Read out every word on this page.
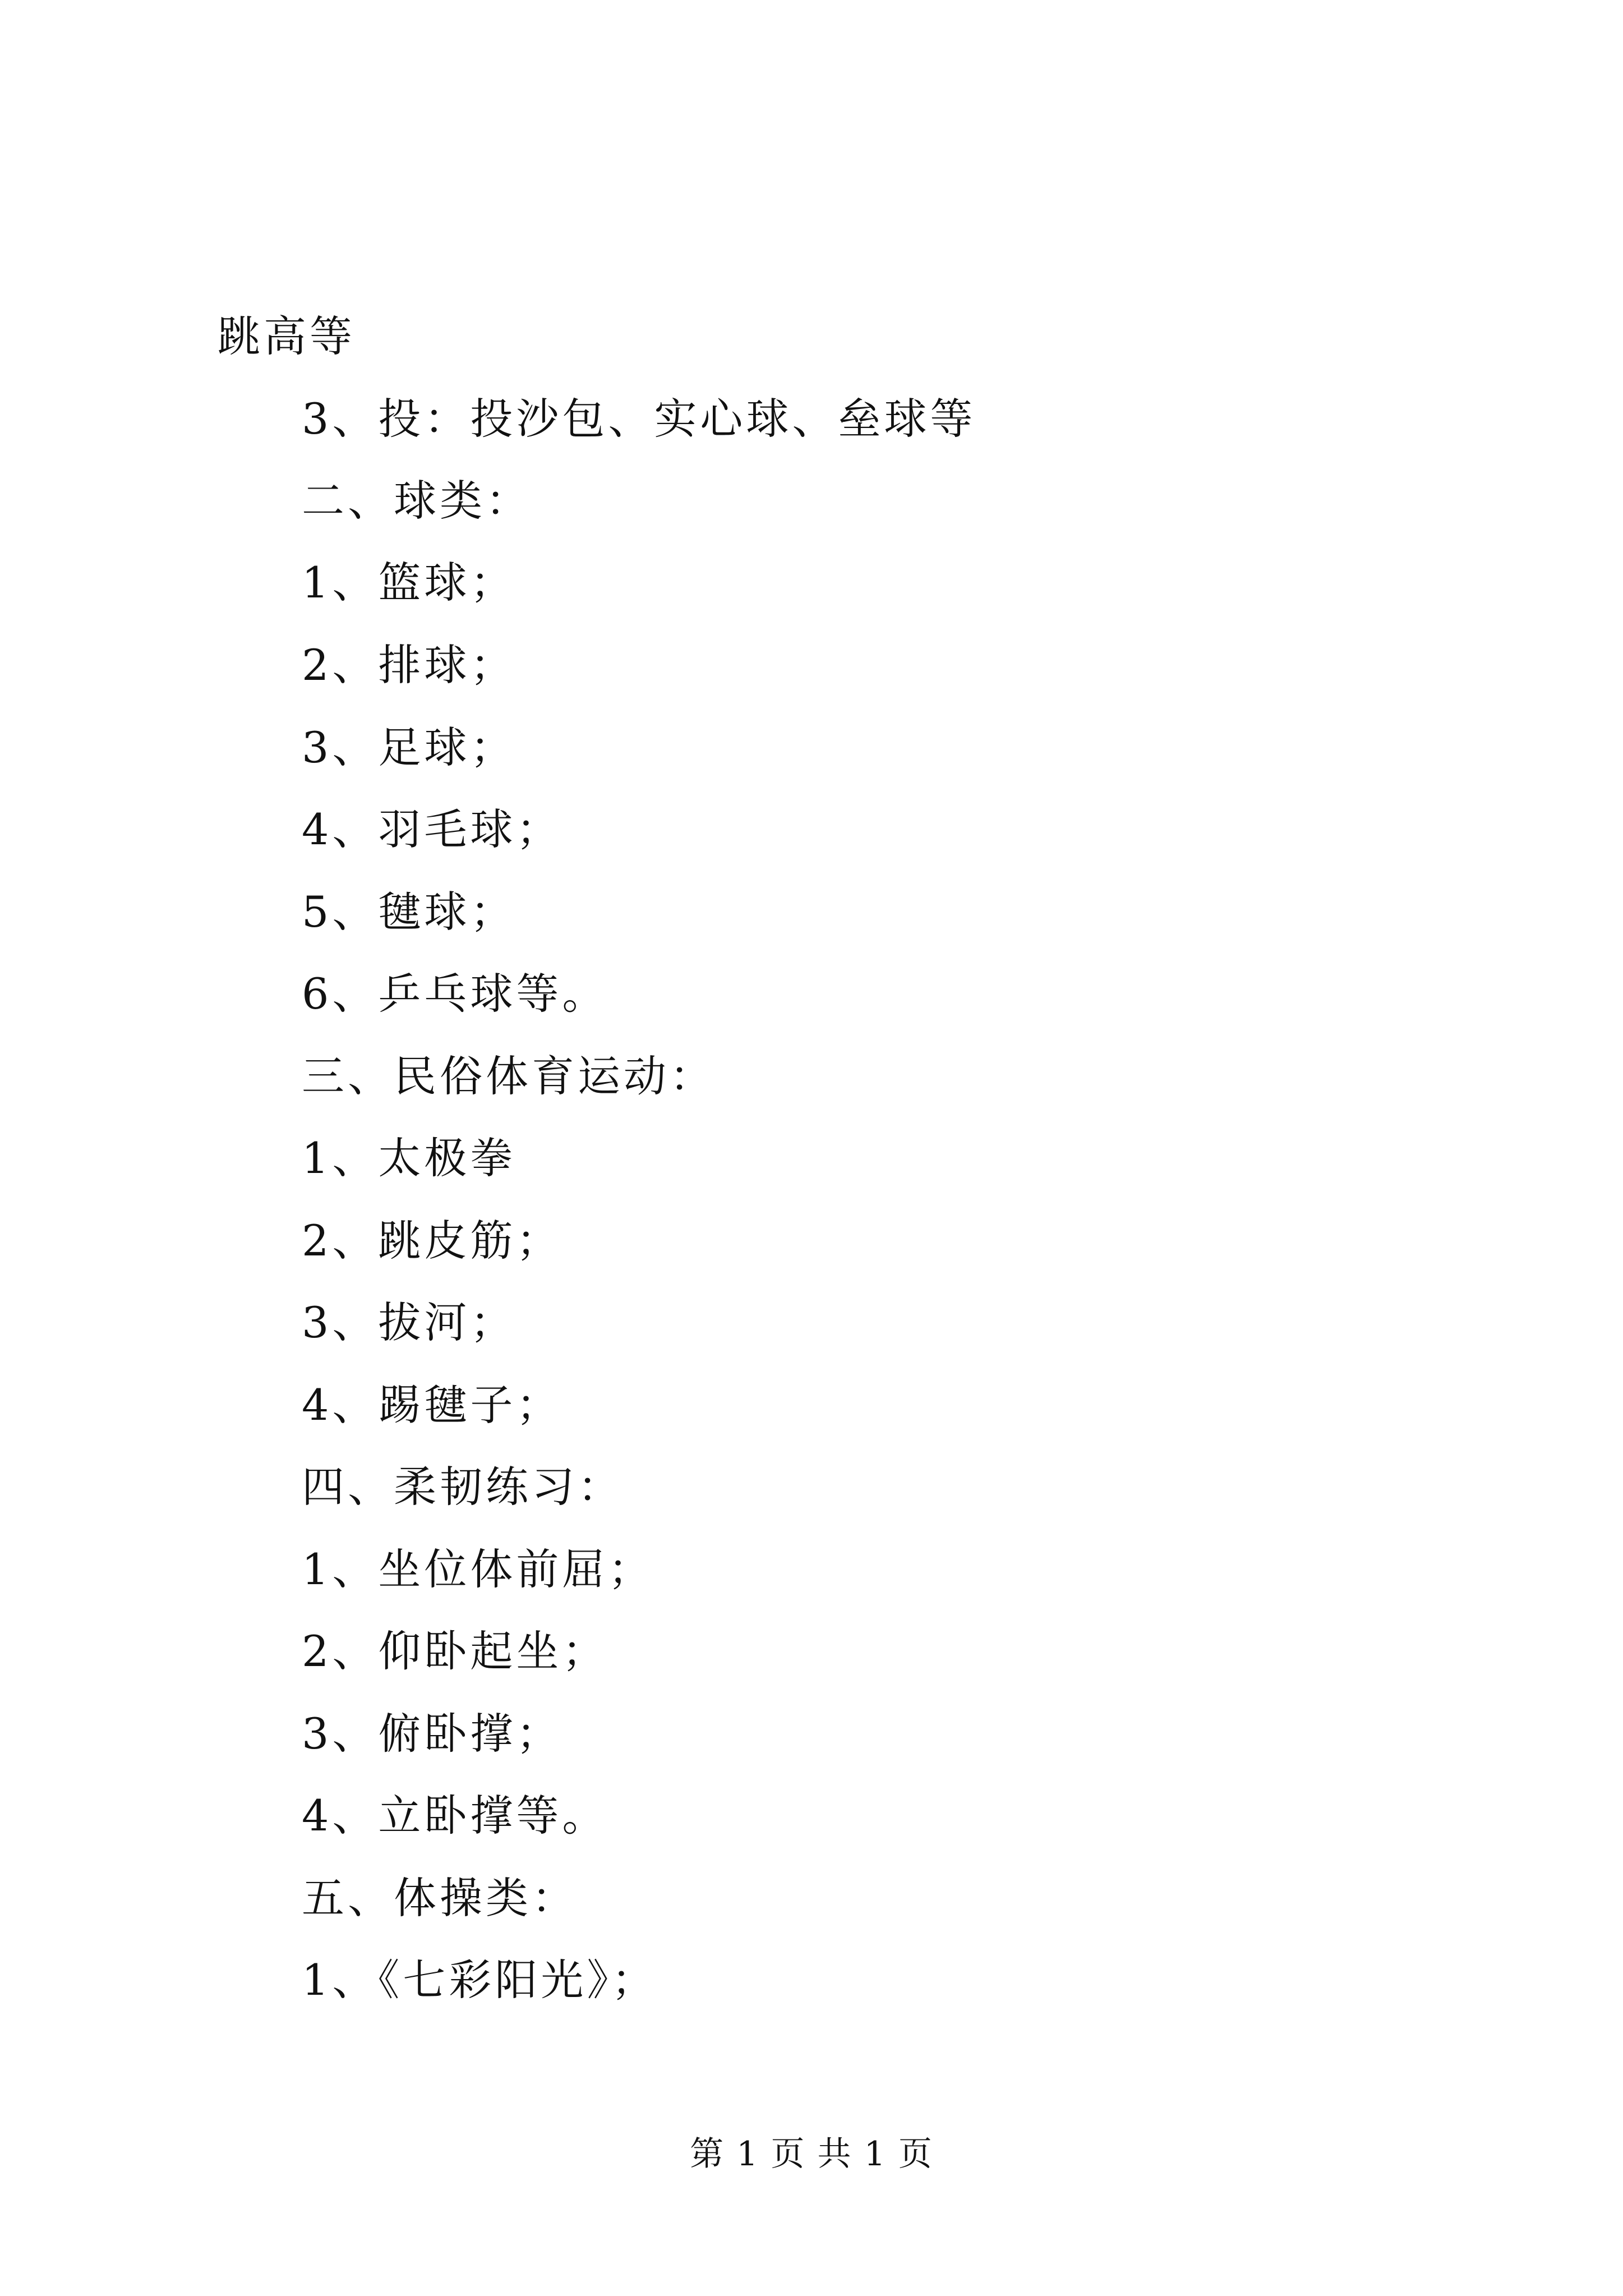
跳高等
3、投：投沙包、实心球、垒球等
二、球类：
1、篮球；
2、排球；
3、足球；
4、羽毛球；
5、毽球；
6、乒乓球等。
三、民俗体育运动：
1、太极拳
2、跳皮筋；
3、拔河；
4、踢毽子；
四、柔韧练习：
1、坐位体前屈；
2、仰卧起坐；
3、俯卧撑；
4、立卧撑等。
五、体操类：
1、《七彩阳光》；
第 1 页 共 1 页
